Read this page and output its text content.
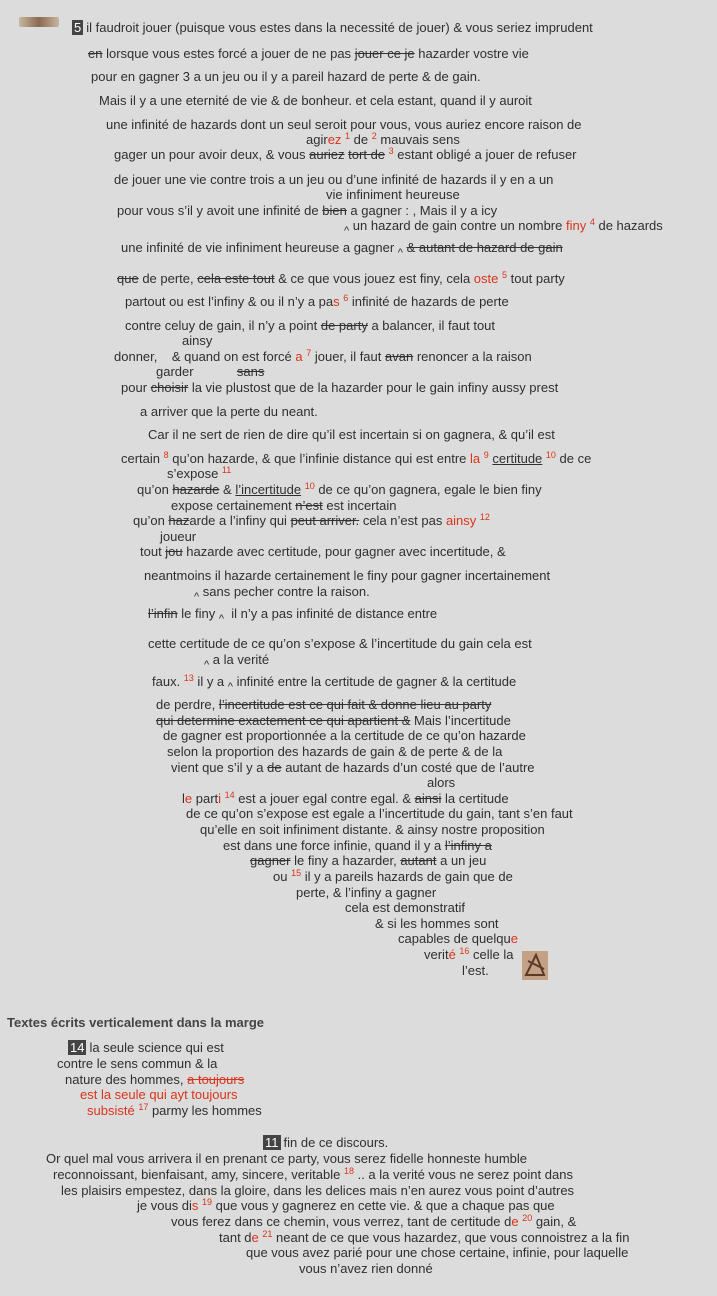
5 il faudroit jouer (puisque vous estes dans la necessité de jouer) & vous seriez imprudent
en lorsque vous estes forcé a jouer de ne pas jouer ce je hazarder vostre vie
pour en gagner 3 a un jeu ou il y a pareil hazard de perte & de gain.
Mais il y a une eternité de vie & de bonheur. et cela estant, quand il y auroit
une infinité de hazards dont un seul seroit pour vous, vous auriez encore raison de
agirez $^1$ de $^2$ mauvais sens
gager un pour avoir deux, & vous auriez tort de $^3$ estant obligé a jouer de refuser
de jouer une vie contre trois a un jeu ou d’une infinité de hazards il y en a un
vie infiniment heureuse
pour vous s’il y avoit une infinité de bien a gagner : , Mais il y a icy
$_{\^{}}$ un hazard de gain contre un nombre finy $^4$ de hazards
une infinité de vie infiniment heureuse a gagner $_{\^{}}$ & autant de hazard de gain
que de perte, cela este tout & ce que vous jouez est finy, cela oste $^5$ tout party
partout ou est l’infiny & ou il n’y a pas $^6$ infinité de hazards de perte
contre celuy de gain, il n’y a point de party a balancer, il faut tout
ainsy
donner,    & quand on est forcé a $^7$ jouer, il faut avan renoncer a la raison
garder            sans
pour choisir la vie plustost que de la hazarder pour le gain infiny aussy prest
a arriver que la perte du neant.
Car il ne sert de rien de dire qu’il est incertain si on gagnera, & qu’il est
certain $^8$ qu’on hazarde, & que l’infinie distance qui est entre la $^9$ certitude $^{10}$ de ce
s’expose $^{11}$
qu’on hazarde & l’incertitude $^{10}$ de ce qu’on gagnera, egale le bien finy
expose certainement n’est est incertain
qu’on hazarde a l’infiny qui peut arriver. cela n’est pas ainsy $^{12}$
joueur
tout jou hazarde avec certitude, pour gagner avec incertitude, &
neantmoins il hazarde certainement le finy pour gagner incertainement
$_{\^{}}$ sans pecher contre la raison.
l’infin le finy $_{\^{}}$  il n’y a pas infinité de distance entre
cette certitude de ce qu’on s’expose & l’incertitude du gain cela est
$_{\^{}}$ a la verité
faux. $^{13}$ il y a $_{\^{}}$ infinité entre la certitude de gagner & la certitude
de perdre, l’incertitude est ce qui fait & donne lieu au party
qui determine exactement ce qui apartient & Mais l’incertitude
de gagner est proportionnée a la certitude de ce qu’on hazarde
selon la proportion des hazards de gain & de perte & de la
vient que s’il y a de autant de hazards d’un costé que de l’autre
alors
le parti $^{14}$ est a jouer egal contre egal. & ainsi la certitude
de ce qu’on s’expose est egale a l’incertitude du gain, tant s’en faut
qu’elle en soit infiniment distante. & ainsy nostre proposition
est dans une force infinie, quand il y a l’infiny a
gagner le finy a hazarder, autant a un jeu
ou $^{15}$ il y a pareils hazards de gain que de
perte, & l’infiny a gagner
cela est demonstratif
& si les hommes sont
capables de quelque
verité $^{16}$ celle la
l’est.
Textes écrits verticalement dans la marge
14 la seule science qui est
contre le sens commun & la
nature des hommes, a toujours
est la seule qui ayt toujours
subsisté $^{17}$ parmy les hommes
11 fin de ce discours.
Or quel mal vous arrivera il en prenant ce party, vous serez fidelle honneste humble
reconnoissant, bienfaisant, amy, sincere, veritable $^{18}$ .. a la verité vous ne serez point dans
les plaisirs empestez, dans la gloire, dans les delices mais n’en aurez vous point d’autres
je vous dis $^{19}$ que vous y gagnerez en cette vie. & que a chaque pas que
vous ferez dans ce chemin, vous verrez, tant de certitude de $^{20}$ gain, &
tant de $^{21}$ neant de ce que vous hazardez, que vous connoistrez a la fin
que vous avez parié pour une chose certaine, infinie, pour laquelle
vous n’avez rien donné
